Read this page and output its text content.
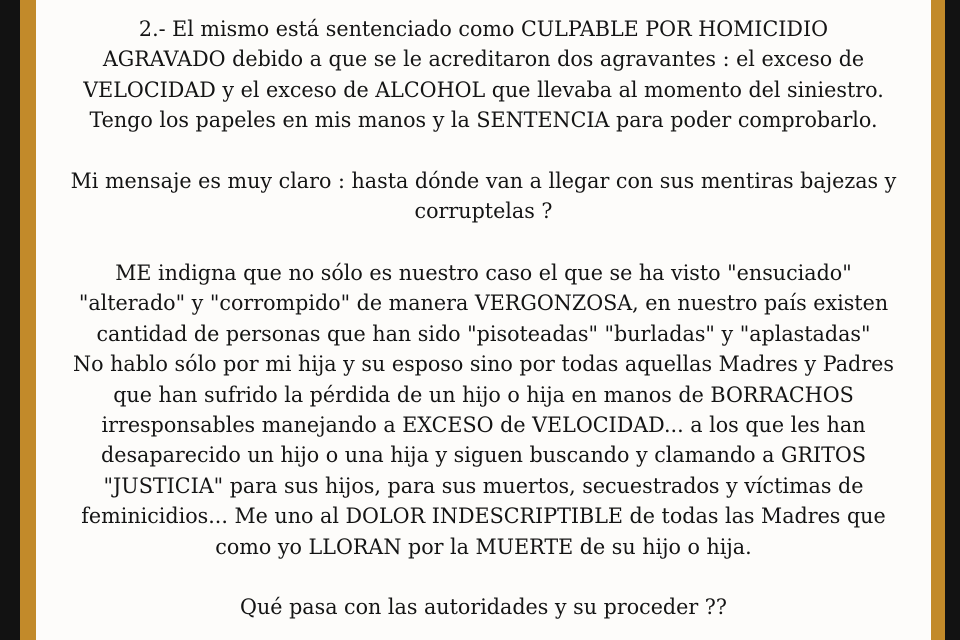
2.- El mismo está sentenciado como CULPABLE POR HOMICIDIO
AGRAVADO debido a que se le acreditaron dos agravantes : el exceso de
VELOCIDAD y el exceso de ALCOHOL que llevaba al momento del siniestro.
Tengo los papeles en mis manos y la SENTENCIA para poder comprobarlo.

Mi mensaje es muy claro : hasta dónde van a llegar con sus mentiras bajezas y
corruptelas ?

ME indigna que no sólo es nuestro caso el que se ha visto "ensuciado"
"alterado" y "corrompido" de manera VERGONZOSA, en nuestro país existen
cantidad de personas que han sido "pisoteadas" "burladas" y "aplastadas"
No hablo sólo por mi hija y su esposo sino por todas aquellas Madres y Padres
que han sufrido la pérdida de un hijo o hija en manos de BORRACHOS
irresponsables manejando a EXCESO de VELOCIDAD... a los que les han
desaparecido un hijo o una hija y siguen buscando y clamando a GRITOS
"JUSTICIA" para sus hijos, para sus muertos, secuestrados y víctimas de
feminicidios... Me uno al DOLOR INDESCRIPTIBLE de todas las Madres que
como yo LLORAN por la MUERTE de su hijo o hija.

Qué pasa con las autoridades y su proceder ??
